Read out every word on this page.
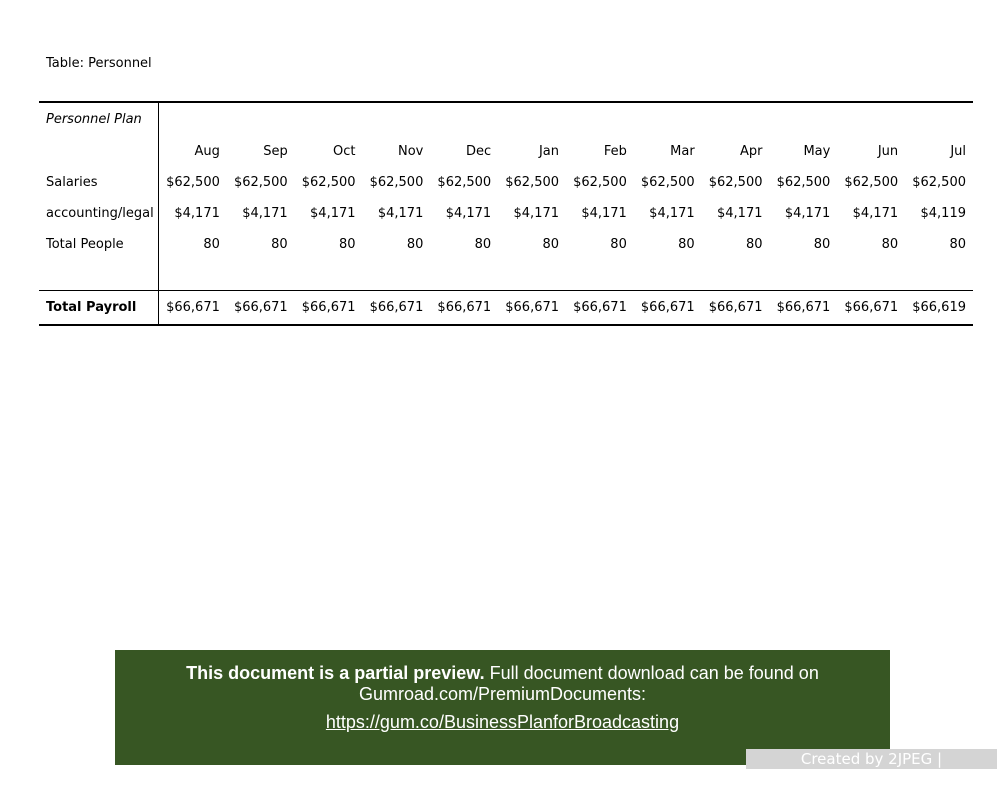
Table: Personnel
Personnel Plan												
	Aug	Sep	Oct	Nov	Dec	Jan	Feb	Mar	Apr	May	Jun	Jul
Salaries	$62,500	$62,500	$62,500	$62,500	$62,500	$62,500	$62,500	$62,500	$62,500	$62,500	$62,500	$62,500
accounting/legal	$4,171	$4,171	$4,171	$4,171	$4,171	$4,171	$4,171	$4,171	$4,171	$4,171	$4,171	$4,119
Total People	80	80	80	80	80	80	80	80	80	80	80	80

Total Payroll	$66,671	$66,671	$66,671	$66,671	$66,671	$66,671	$66,671	$66,671	$66,671	$66,671	$66,671	$66,619
This document is a partial preview. Full document download can be found on Gumroad.com/PremiumDocuments:
https://gum.co/BusinessPlanforBroadcasting
Created by 2JPEG | www.2jpeg.com
